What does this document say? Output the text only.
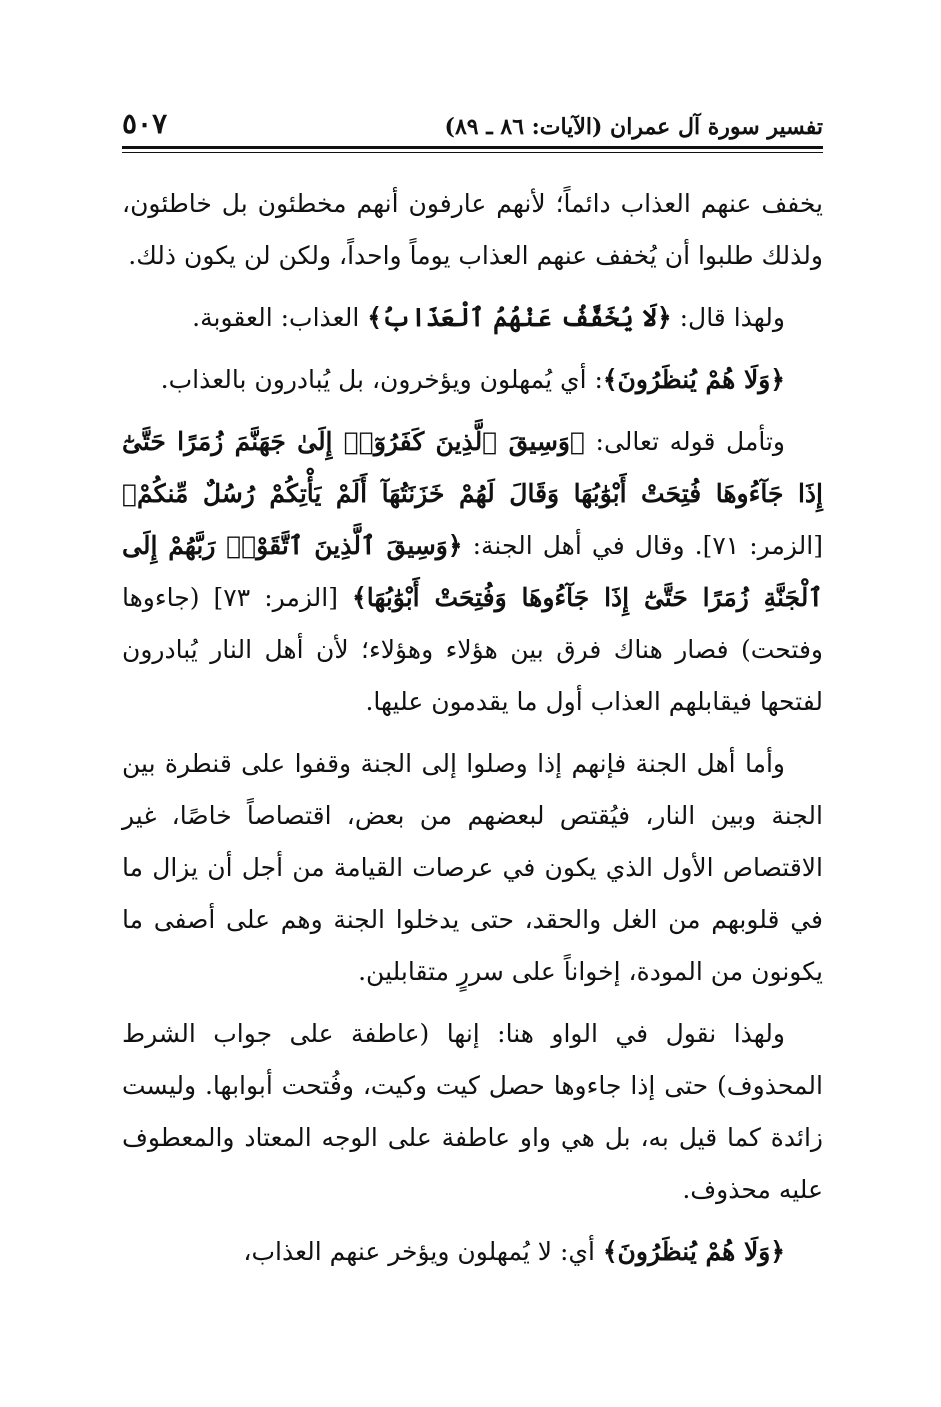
تفسير سورة آل عمران (الآيات: ٨٦ ـ ٨٩)
٥٠٧

يخفف عنهم العذاب دائماً؛ لأنهم عارفون أنهم مخطئون بل خاطئون، ولذلك طلبوا أن يُخفف عنهم العذاب يوماً واحداً، ولكن لن يكون ذلك.

ولهذا قال: ﴿لَا يُخَفَّفُ عَنْهُمُ ٱلْعَذَابُ﴾ العذاب: العقوبة.

﴿وَلَا هُمْ يُنظَرُونَ﴾: أي يُمهلون ويؤخرون، بل يُبادرون بالعذاب.

وتأمل قوله تعالى: ﴿وَسِيقَ ٱلَّذِينَ كَفَرُوٓا۟ إِلَىٰ جَهَنَّمَ زُمَرًا حَتَّىٰٓ إِذَا جَآءُوهَا فُتِحَتْ أَبْوَٰبُهَا وَقَالَ لَهُمْ خَزَنَتُهَآ أَلَمْ يَأْتِكُمْ رُسُلٌ مِّنكُمْ﴾ [الزمر: ٧١]. وقال في أهل الجنة: ﴿وَسِيقَ ٱلَّذِينَ ٱتَّقَوْا۟ رَبَّهُمْ إِلَى ٱلْجَنَّةِ زُمَرًا حَتَّىٰٓ إِذَا جَآءُوهَا وَفُتِحَتْ أَبْوَٰبُهَا﴾ [الزمر: ٧٣] (جاءوها وفتحت) فصار هناك فرق بين هؤلاء وهؤلاء؛ لأن أهل النار يُبادرون لفتحها فيقابلهم العذاب أول ما يقدمون عليها.

وأما أهل الجنة فإنهم إذا وصلوا إلى الجنة وقفوا على قنطرة بين الجنة وبين النار، فيُقتص لبعضهم من بعض، اقتصاصاً خاصًا، غير الاقتصاص الأول الذي يكون في عرصات القيامة من أجل أن يزال ما في قلوبهم من الغل والحقد، حتى يدخلوا الجنة وهم على أصفى ما يكونون من المودة، إخواناً على سررٍ متقابلين.

ولهذا نقول في الواو هنا: إنها (عاطفة على جواب الشرط المحذوف) حتى إذا جاءوها حصل كيت وكيت، وفُتحت أبوابها. وليست زائدة كما قيل به، بل هي واو عاطفة على الوجه المعتاد والمعطوف عليه محذوف.

﴿وَلَا هُمْ يُنظَرُونَ﴾ أي: لا يُمهلون ويؤخر عنهم العذاب،
